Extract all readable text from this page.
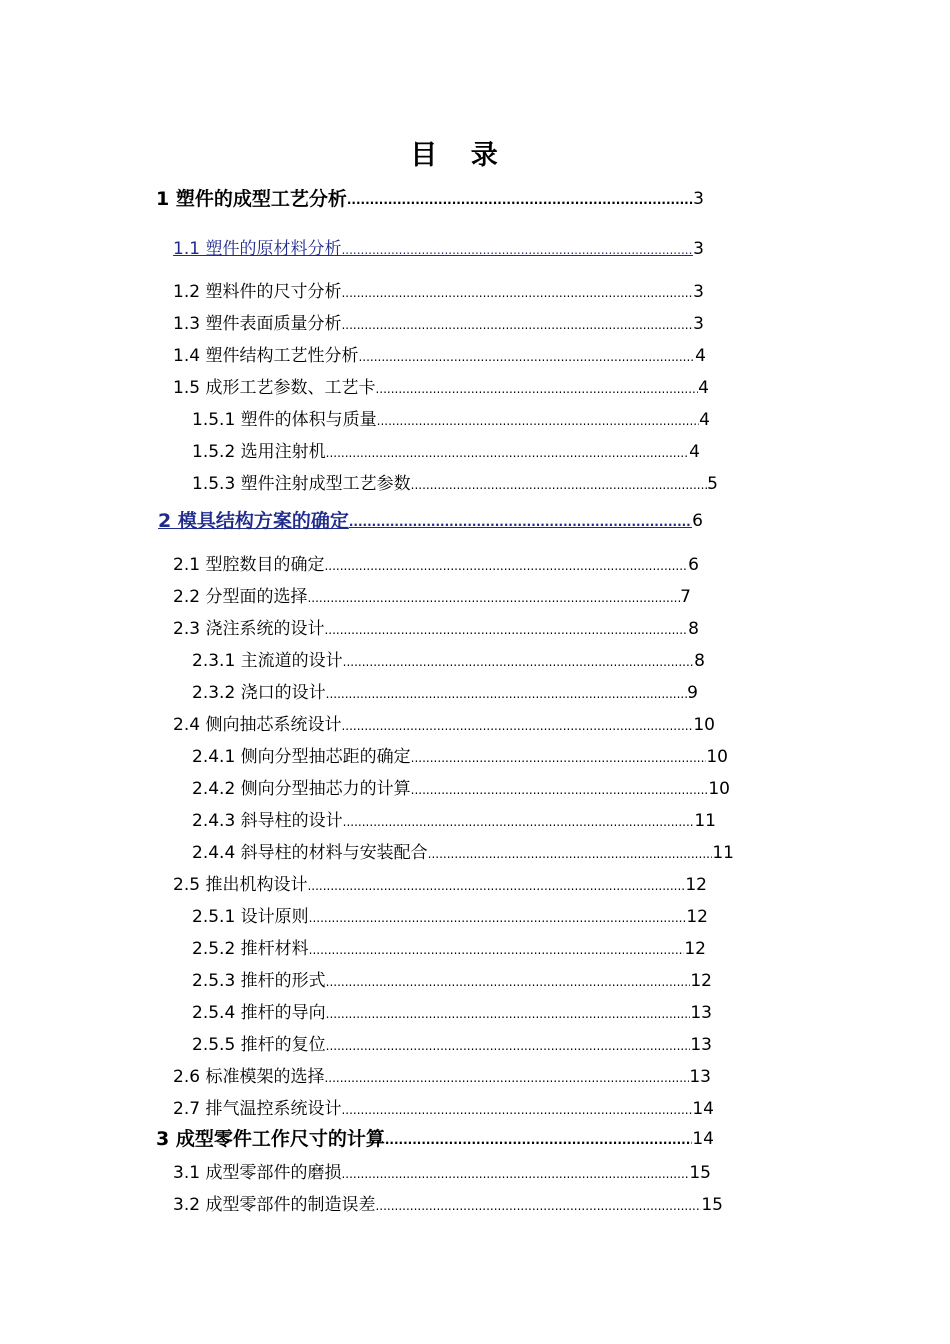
目 录
1 塑件的成型工艺分析 .....	3
1.1 塑件的原材料分析 .....	3
1.2 塑料件的尺寸分析 .....	3
1.3 塑件表面质量分析 .....	3
1.4 塑件结构工艺性分析 .....	4
1.5 成形工艺参数、工艺卡 .....	4
1.5.1 塑件的体积与质量 .....	4
1.5.2 选用注射机 .....	4
1.5.3 塑件注射成型工艺参数 .....	5
2 模具结构方案的确定 .....	6
2.1 型腔数目的确定 .....	6
2.2 分型面的选择 .....	7
2.3 浇注系统的设计 .....	8
2.3.1 主流道的设计 .....	8
2.3.2 浇口的设计 .....	9
2.4 侧向抽芯系统设计 .....	10
2.4.1 侧向分型抽芯距的确定 .....	10
2.4.2 侧向分型抽芯力的计算 .....	10
2.4.3 斜导柱的设计 .....	11
2.4.4 斜导柱的材料与安装配合 .....	11
2.5 推出机构设计 .....	12
2.5.1 设计原则 .....	12
2.5.2 推杆材料 .....	12
2.5.3 推杆的形式 .....	12
2.5.4 推杆的导向 .....	13
2.5.5 推杆的复位 .....	13
2.6 标准模架的选择 .....	13
2.7 排气温控系统设计 .....	14
3 成型零件工作尺寸的计算 .....	14
3.1 成型零部件的磨损 .....	15
3.2 成型零部件的制造误差 .....	15
